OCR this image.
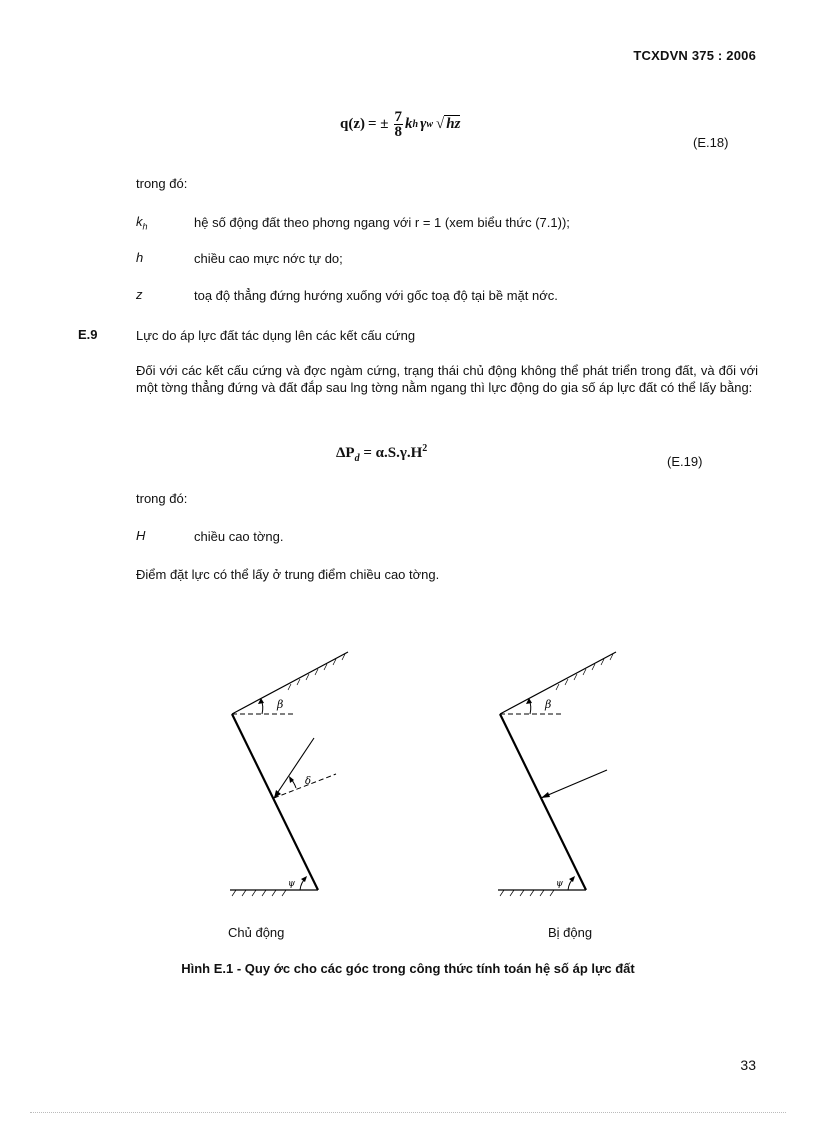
TCXDVN 375 : 2006
q(z) = ± $\frac{7}{8}$ k h γ w √ hz
(E.18)
trong đó:
$k_h$	hệ số động đất theo phơng ngang với r = 1 (xem biểu thức (7.1));
h	chiều cao mực nớc tự do;
z	toạ độ thẳng đứng hướng xuống với gốc toạ độ tại bề mặt nớc.
E.9	Lực do áp lực đất tác dụng lên các kết cấu cứng
Đối với các kết cấu cứng và đợc ngàm cứng, trạng thái chủ động không thể phát triển trong đất, và đối với một tờng thẳng đứng và đất đắp sau lng tờng nằm ngang thì lực động do gia số áp lực đất có thể lấy bằng:
$\Delta P_d = \alpha.S.\gamma.H^2$
(E.19)
trong đó:
H	chiều cao tờng.
Điểm đặt lực có thể lấy ở trung điểm chiều cao tờng.
β
δ
ψ
β
ψ
Chủ động	Bị động
Hình E.1 - Quy ớc cho các góc trong công thức tính toán hệ số áp lực đất
33
